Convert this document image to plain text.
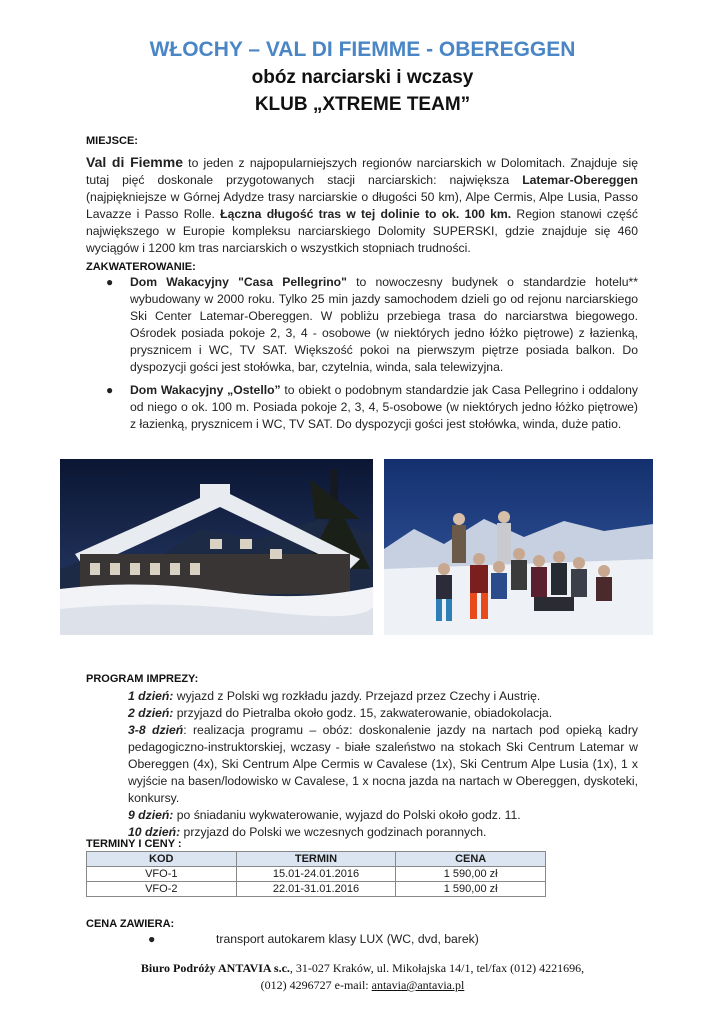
WŁOCHY – VAL DI FIEMME - OBEREGGEN
obóz narciarski i wczasy
KLUB „XTREME TEAM”
MIEJSCE:
Val di Fiemme to jeden z najpopularniejszych regionów narciarskich w Dolomitach. Znajduje się tutaj pięć doskonale przygotowanych stacji narciarskich: największa Latemar-Obereggen (najpiękniejsze w Górnej Adydze trasy narciarskie o długości 50 km), Alpe Cermis, Alpe Lusia, Passo Lavazze i Passo Rolle. Łączna długość tras w tej dolinie to ok. 100 km. Region stanowi część największego w Europie kompleksu narciarskiego Dolomity SUPERSKI, gdzie znajduje się 460 wyciągów i 1200 km tras narciarskich o wszystkich stopniach trudności.
ZAKWATEROWANIE:
● Dom Wakacyjny "Casa Pellegrino" to nowoczesny budynek o standardzie hotelu** wybudowany w 2000 roku. Tylko 25 min jazdy samochodem dzieli go od rejonu narciarskiego Ski Center Latemar-Obereggen. W pobliżu przebiega trasa do narciarstwa biegowego. Ośrodek posiada pokoje 2, 3, 4 - osobowe (w niektórych jedno łóżko piętrowe) z łazienką, prysznicem i WC, TV SAT. Większość pokoi na pierwszym piętrze posiada balkon. Do dyspozycji gości jest stołówka, bar, czytelnia, winda, sala telewizyjna.
● Dom Wakacyjny „Ostello” to obiekt o podobnym standardzie jak Casa Pellegrino i oddalony od niego o ok. 100 m. Posiada pokoje 2, 3, 4, 5-osobowe (w niektórych jedno łóżko piętrowe) z łazienką, prysznicem i WC, TV SAT. Do dyspozycji gości jest stołówka, winda, duże patio.
PROGRAM IMPREZY:
1 dzień: wyjazd z Polski wg rozkładu jazdy. Przejazd przez Czechy i Austrię.
2 dzień: przyjazd do Pietralba około godz. 15, zakwaterowanie, obiadokolacja.
3-8 dzień: realizacja programu – obóz: doskonalenie jazdy na nartach pod opieką kadry pedagogiczno-instruktorskiej, wczasy - białe szaleństwo na stokach Ski Centrum Latemar w Obereggen (4x), Ski Centrum Alpe Cermis w Cavalese (1x), Ski Centrum Alpe Lusia (1x), 1 x wyjście na basen/lodowisko w Cavalese, 1 x nocna jazda na nartach w Obereggen, dyskoteki, konkursy.
9 dzień: po śniadaniu wykwaterowanie, wyjazd do Polski około godz. 11.
10 dzień: przyjazd do Polski we wczesnych godzinach porannych.
TERMINY I CENY :
KOD	TERMIN	CENA
VFO-1	15.01-24.01.2016	1 590,00 zł
VFO-2	22.01-31.01.2016	1 590,00 zł
CENA ZAWIERA:
●	transport autokarem klasy LUX (WC, dvd, barek)
Biuro Podróży ANTAVIA s.c., 31-027 Kraków, ul. Mikołajska 14/1, tel/fax (012) 4221696,
(012) 4296727 e-mail: antavia@antavia.pl
